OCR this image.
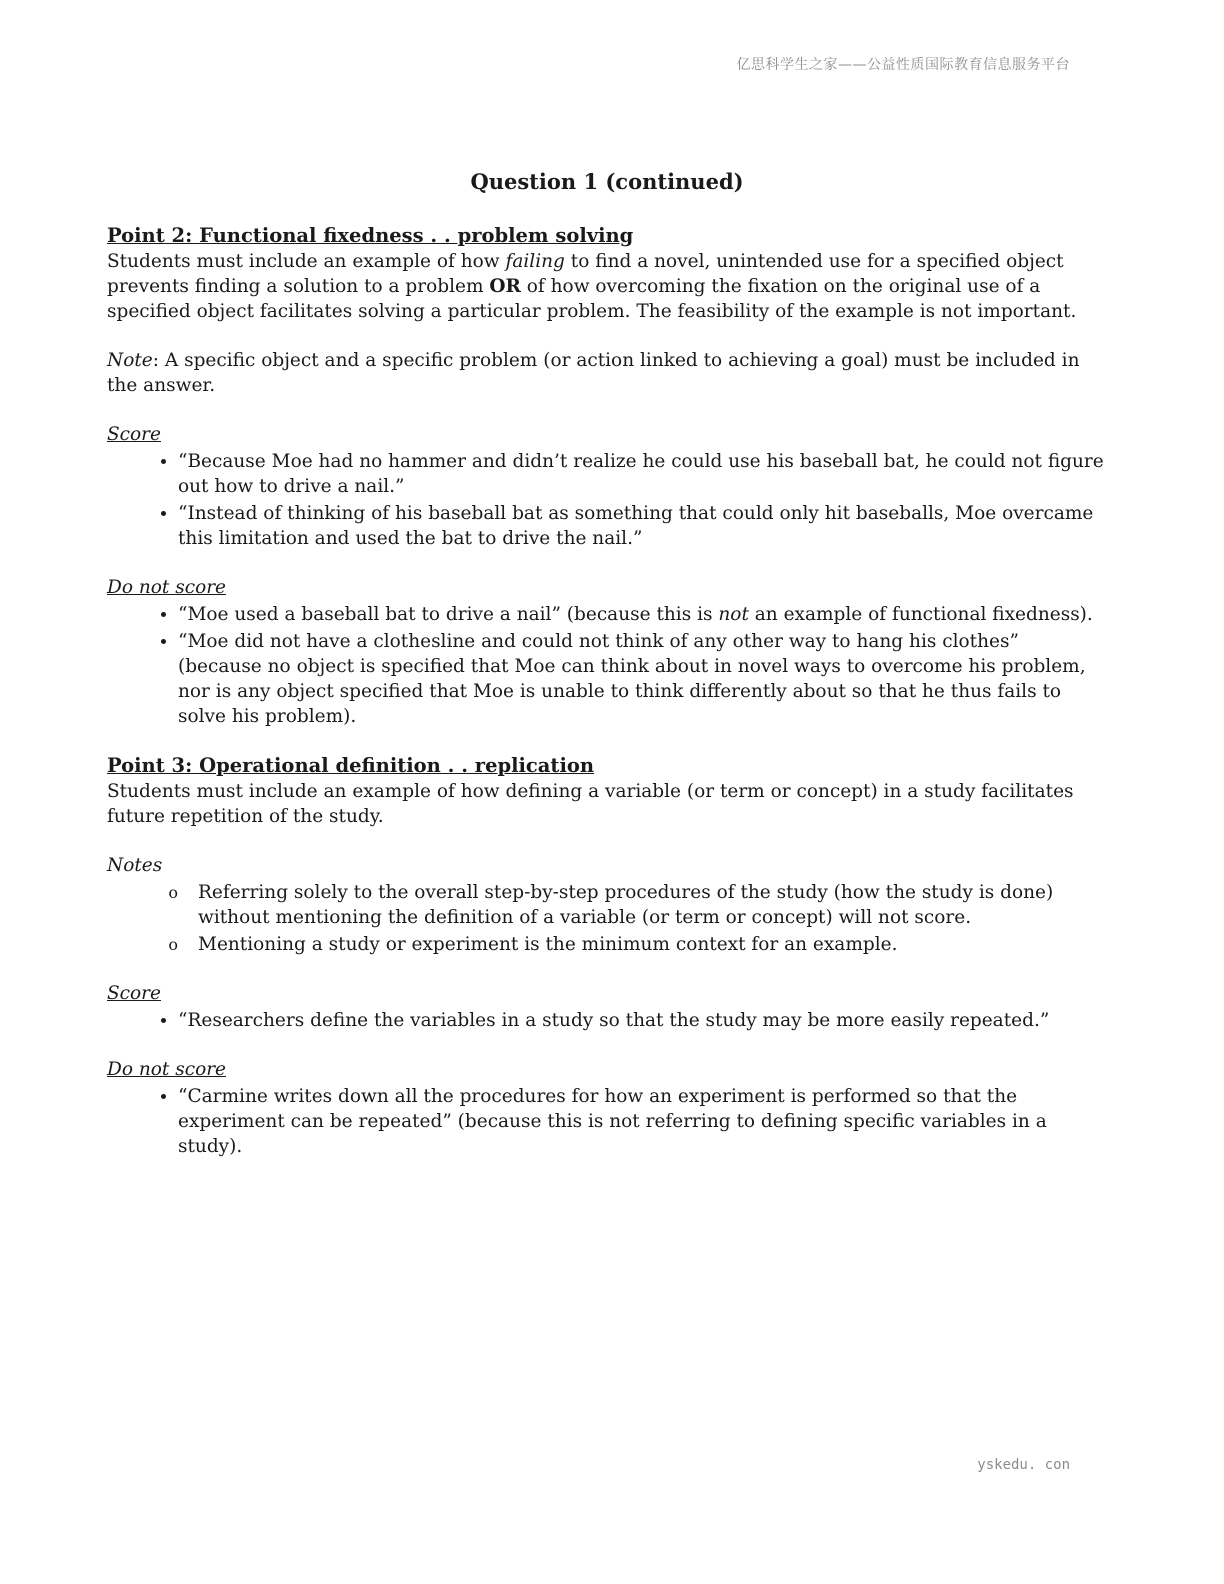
亿思科学生之家——公益性质国际教育信息服务平台
Question 1 (continued)
Point 2: Functional fixedness . . problem solving

Students must include an example of how failing to find a novel, unintended use for a specified object prevents finding a solution to a problem OR of how overcoming the fixation on the original use of a specified object facilitates solving a particular problem. The feasibility of the example is not important.

Note: A specific object and a specific problem (or action linked to achieving a goal) must be included in the answer.

Score

• “Because Moe had no hammer and didn’t realize he could use his baseball bat, he could not figure out how to drive a nail.”
• “Instead of thinking of his baseball bat as something that could only hit baseballs, Moe overcame this limitation and used the bat to drive the nail.”

Do not score

• “Moe used a baseball bat to drive a nail” (because this is not an example of functional fixedness).
• “Moe did not have a clothesline and could not think of any other way to hang his clothes” (because no object is specified that Moe can think about in novel ways to overcome his problem, nor is any object specified that Moe is unable to think differently about so that he thus fails to solve his problem).
Point 3: Operational definition . . replication

Students must include an example of how defining a variable (or term or concept) in a study facilitates future repetition of the study.

Notes

o Referring solely to the overall step-by-step procedures of the study (how the study is done) without mentioning the definition of a variable (or term or concept) will not score.
o Mentioning a study or experiment is the minimum context for an example.

Score

• “Researchers define the variables in a study so that the study may be more easily repeated.”

Do not score

• “Carmine writes down all the procedures for how an experiment is performed so that the experiment can be repeated” (because this is not referring to defining specific variables in a study).
yskedu. con
